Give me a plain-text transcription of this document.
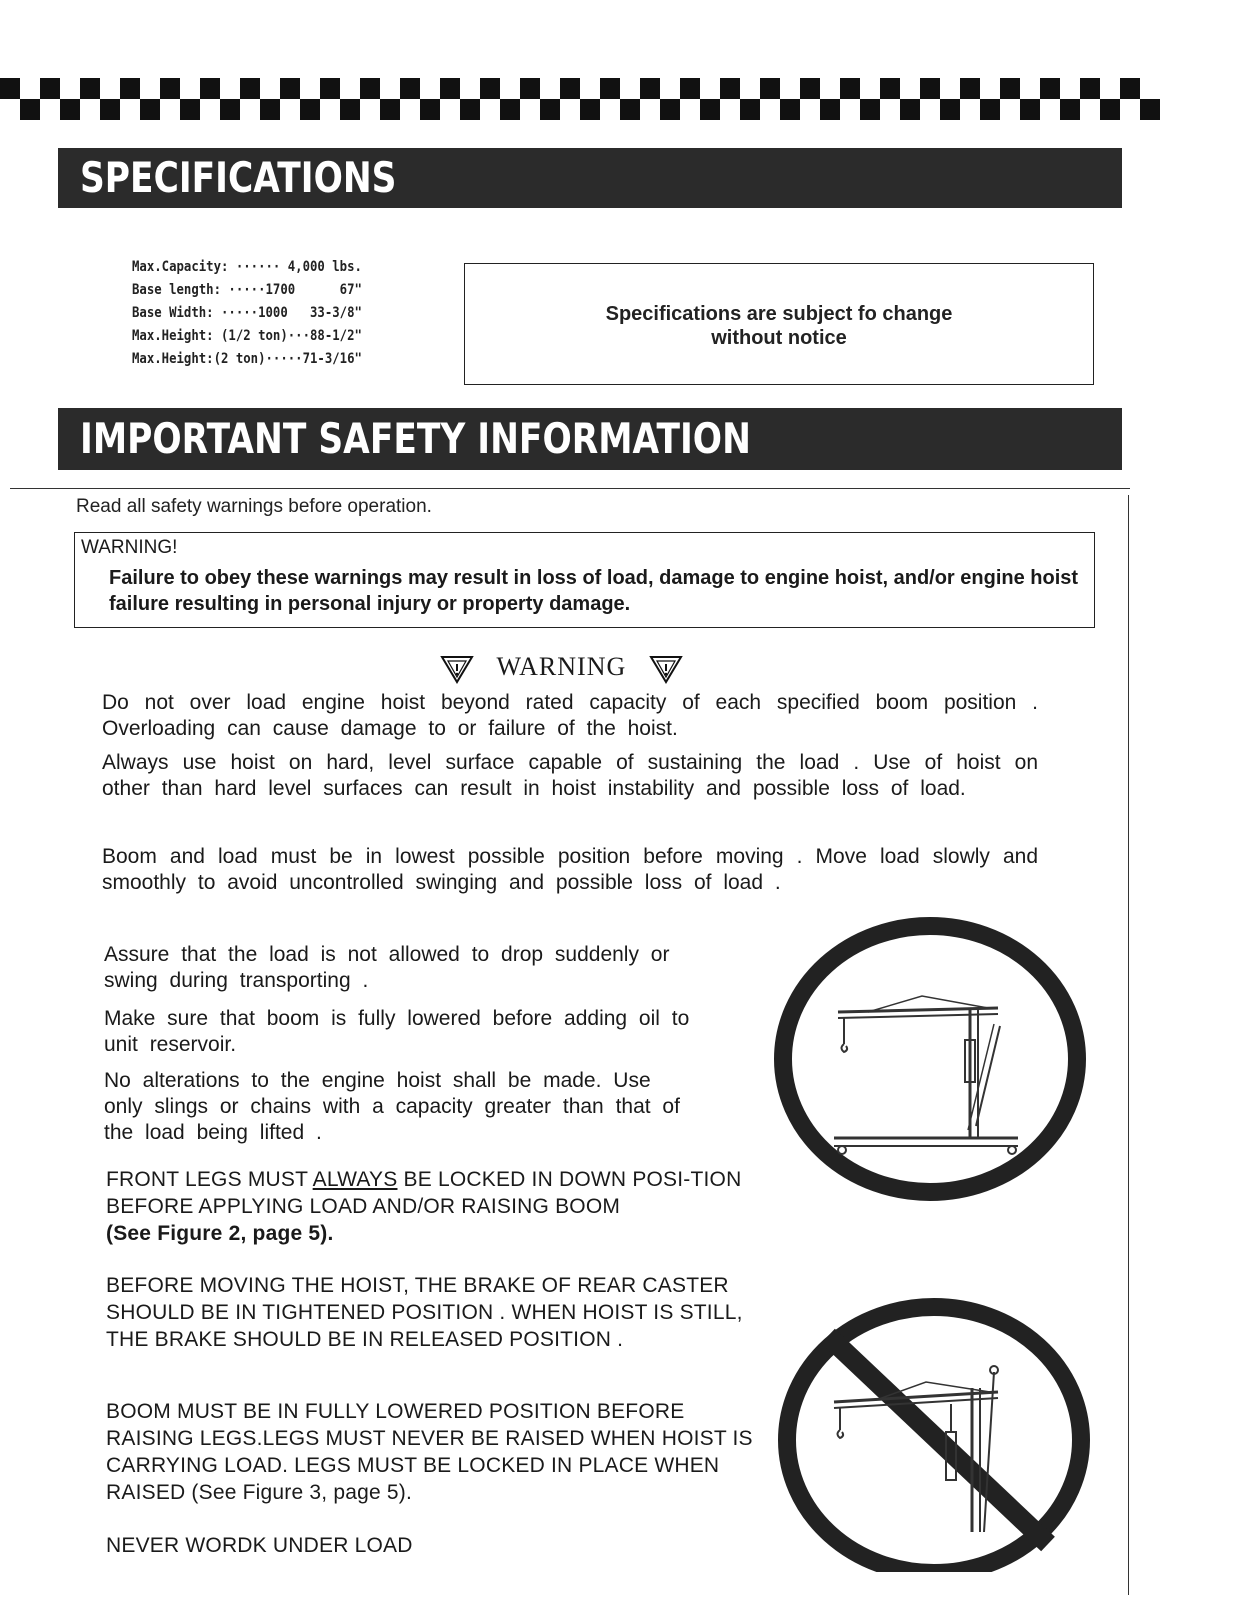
SPECIFICATIONS
Max.Capacity: ······ 4,000 lbs.
Base length: ·····1700      67"
Base Width: ·····1000   33-3/8"
Max.Height: (1/2 ton)···88-1/2"
Max.Height:(2 ton)·····71-3/16"
Specifications are subject fo change
without notice
IMPORTANT SAFETY INFORMATION
Read all safety warnings before operation.
WARNING!
Failure to obey these warnings may result in loss of load, damage to engine hoist, and/or engine hoist failure resulting in personal injury or property damage.
WARNING
Do not over load engine hoist beyond rated capacity of each specified boom position . Overloading can cause damage to or failure of the hoist.
Always use hoist on hard, level surface capable of sustaining the load . Use of hoist on other than hard level surfaces can result in hoist instability and possible loss of load.
Boom and load must be in lowest possible position before moving . Move load slowly and smoothly to avoid uncontrolled swinging and possible loss of load .
Assure that the load is not allowed to drop suddenly or swing during transporting .
Make sure that boom is fully lowered before adding oil to unit reservoir.
No alterations to the engine hoist shall be made. Use only slings or chains with a capacity greater than that of the load being lifted .
FRONT LEGS MUST ALWAYS BE LOCKED IN DOWN POSI-TION BEFORE APPLYING LOAD AND/OR RAISING BOOM
(See Figure 2, page 5).
BEFORE MOVING THE HOIST, THE BRAKE OF REAR CASTER SHOULD BE IN TIGHTENED POSITION . WHEN HOIST IS STILL, THE BRAKE SHOULD BE IN RELEASED POSITION .
BOOM MUST BE IN FULLY LOWERED POSITION BEFORE RAISING LEGS.LEGS MUST NEVER BE RAISED WHEN HOIST IS CARRYING LOAD. LEGS MUST BE LOCKED IN PLACE WHEN RAISED (See Figure 3, page 5).
NEVER WORDK UNDER LOAD
